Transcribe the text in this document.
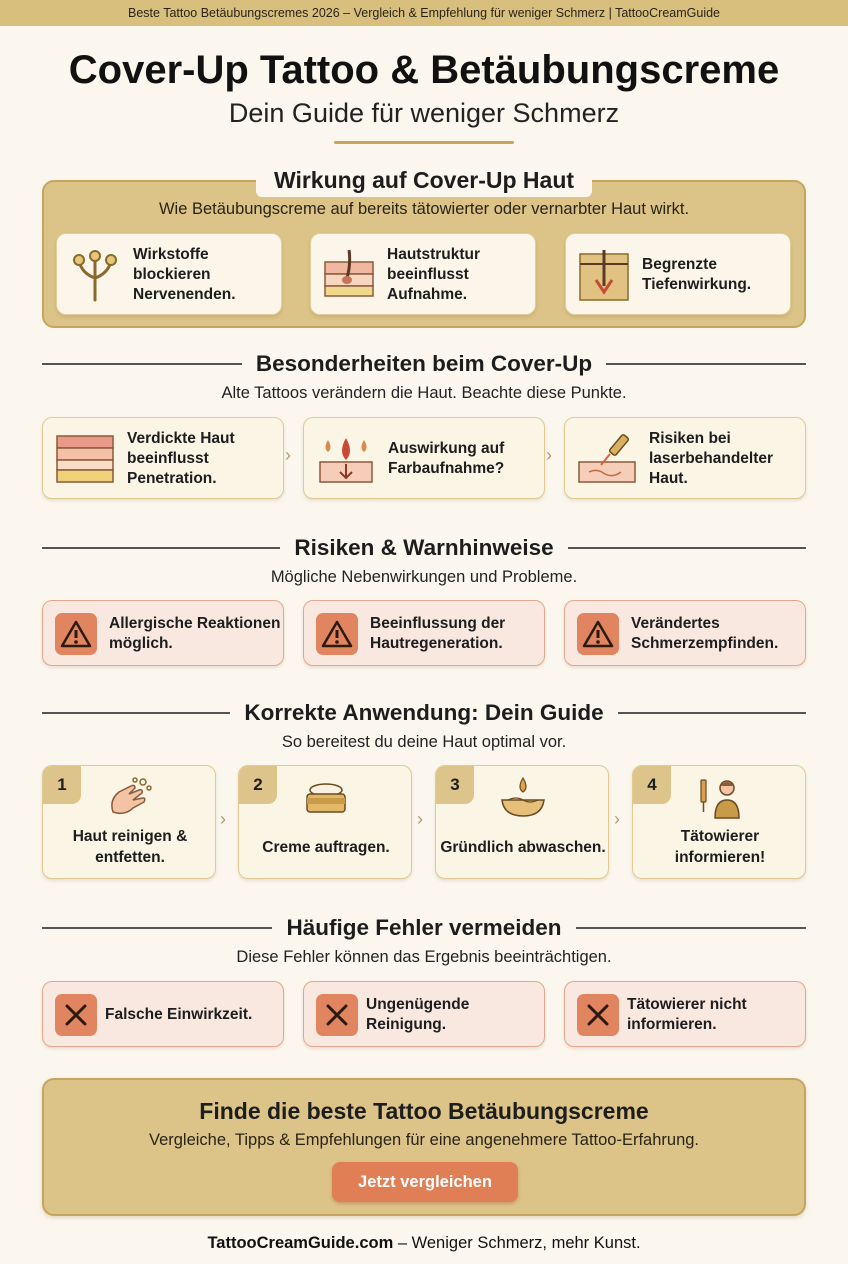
Beste Tattoo Betäubungscremes 2026 – Vergleich & Empfehlung für weniger Schmerz | TattooCreamGuide
Cover-Up Tattoo & Betäubungscreme
Dein Guide für weniger Schmerz
Wirkung auf Cover-Up Haut
Wie Betäubungscreme auf bereits tätowierter oder vernarbter Haut wirkt.
Wirkstoffe blockieren Nervenenden.
Hautstruktur beeinflusst Aufnahme.
Begrenzte Tiefenwirkung.
Besonderheiten beim Cover-Up
Alte Tattoos verändern die Haut. Beachte diese Punkte.
Verdickte Haut beeinflusst Penetration.
›	Auswirkung auf Farbaufnahme?
›
Risiken bei laserbehandelter Haut.
Risiken & Warnhinweise
Mögliche Nebenwirkungen und Probleme.
Allergische Reaktionen möglich.
Beeinflussung der Hautregeneration.
Verändertes Schmerzempfinden.
Korrekte Anwendung: Dein Guide
So bereitest du deine Haut optimal vor.
1
Haut reinigen & entfetten.
›
2
Creme auftragen.
›
3
Gründlich abwaschen.
›
4
Tätowierer informieren!
Häufige Fehler vermeiden
Diese Fehler können das Ergebnis beeinträchtigen.
Falsche Einwirkzeit.
Ungenügende Reinigung.
Tätowierer nicht informieren.
Finde die beste Tattoo Betäubungscreme
Vergleiche, Tipps & Empfehlungen für eine angenehmere Tattoo-Erfahrung.
Jetzt vergleichen
TattooCreamGuide.com – Weniger Schmerz, mehr Kunst.
